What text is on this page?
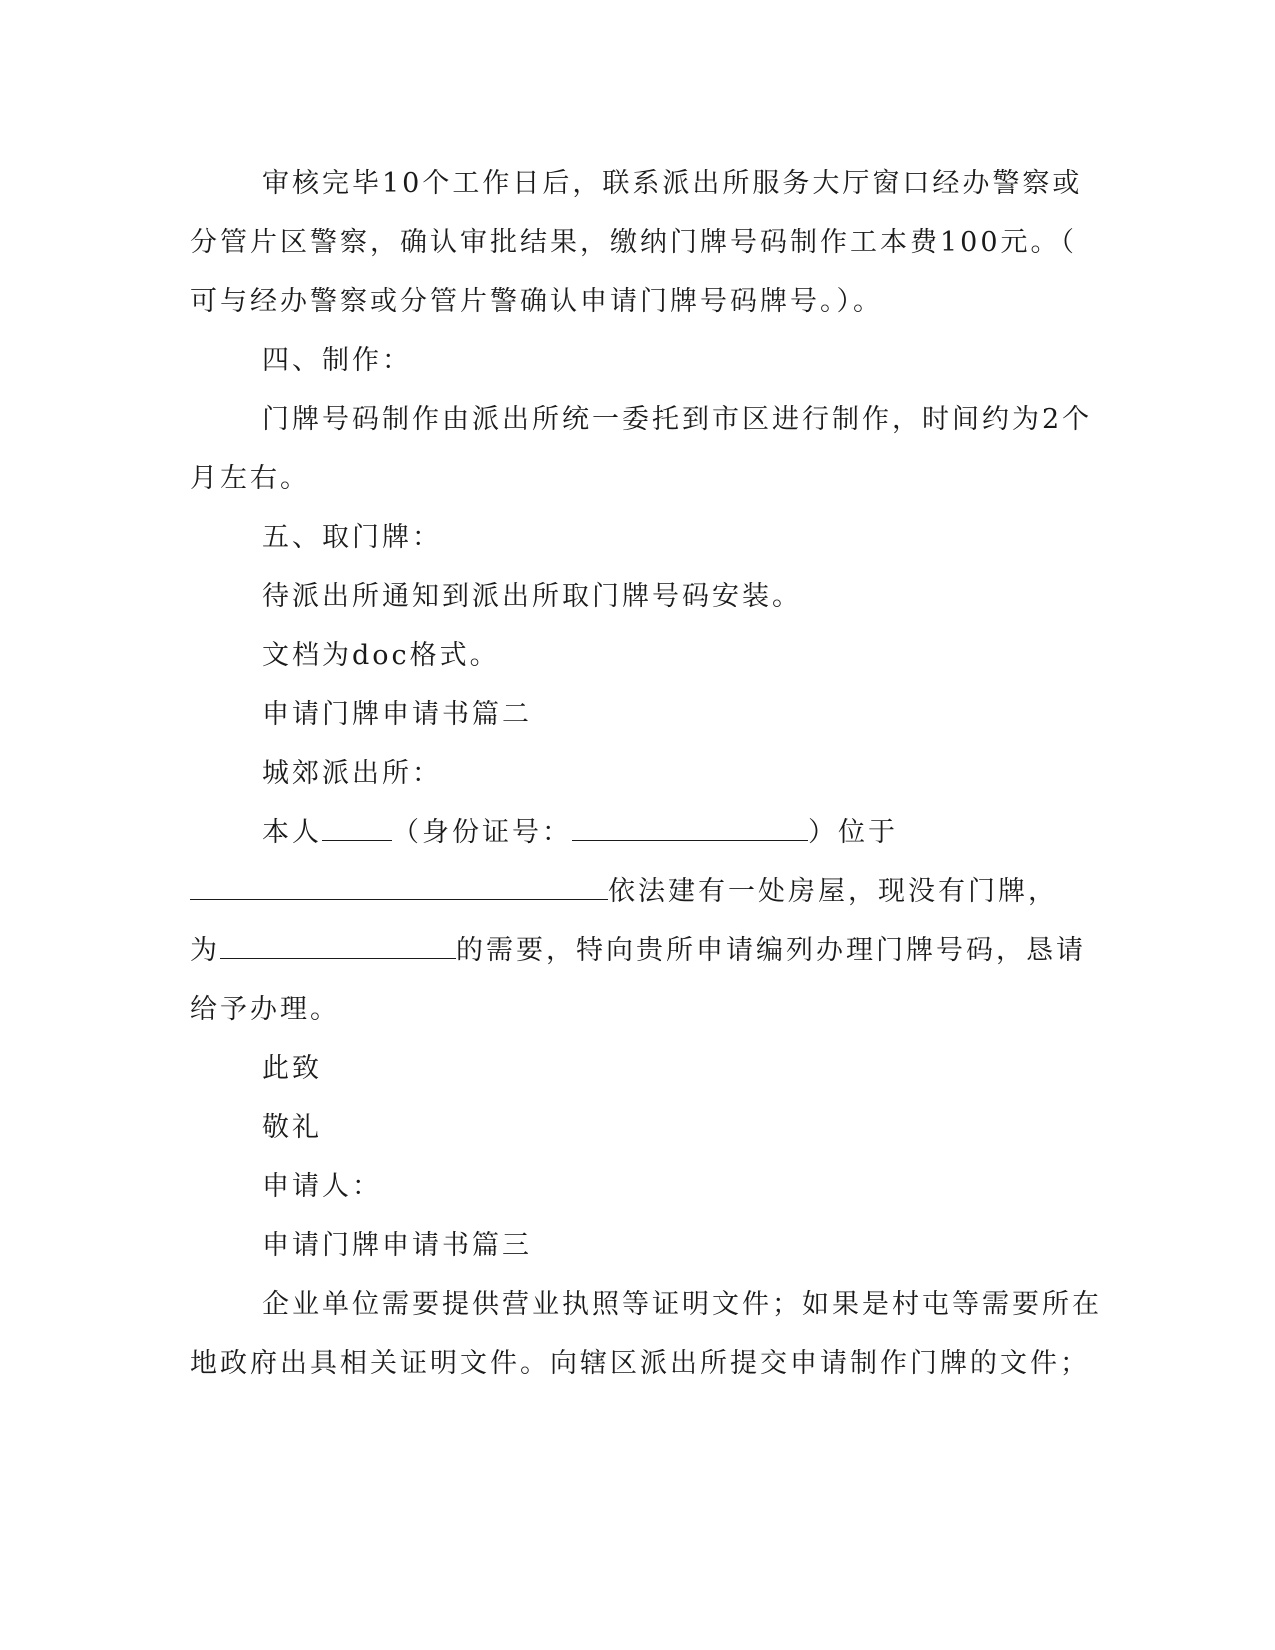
审核完毕10个工作日后，联系派出所服务大厅窗口经办警察或
分管片区警察，确认审批结果，缴纳门牌号码制作工本费100元。（
可与经办警察或分管片警确认申请门牌号码牌号。）。
四、制作：
门牌号码制作由派出所统一委托到市区进行制作，时间约为2个
月左右。
五、取门牌：
待派出所通知到派出所取门牌号码安装。
文档为doc格式。
申请门牌申请书篇二
城郊派出所：
本人	（身份证号：	）位于
依法建有一处房屋，现没有门牌，
为	的需要，特向贵所申请编列办理门牌号码，恳请
给予办理。
此致
敬礼
申请人：
申请门牌申请书篇三
企业单位需要提供营业执照等证明文件；如果是村屯等需要所在
地政府出具相关证明文件。向辖区派出所提交申请制作门牌的文件；
